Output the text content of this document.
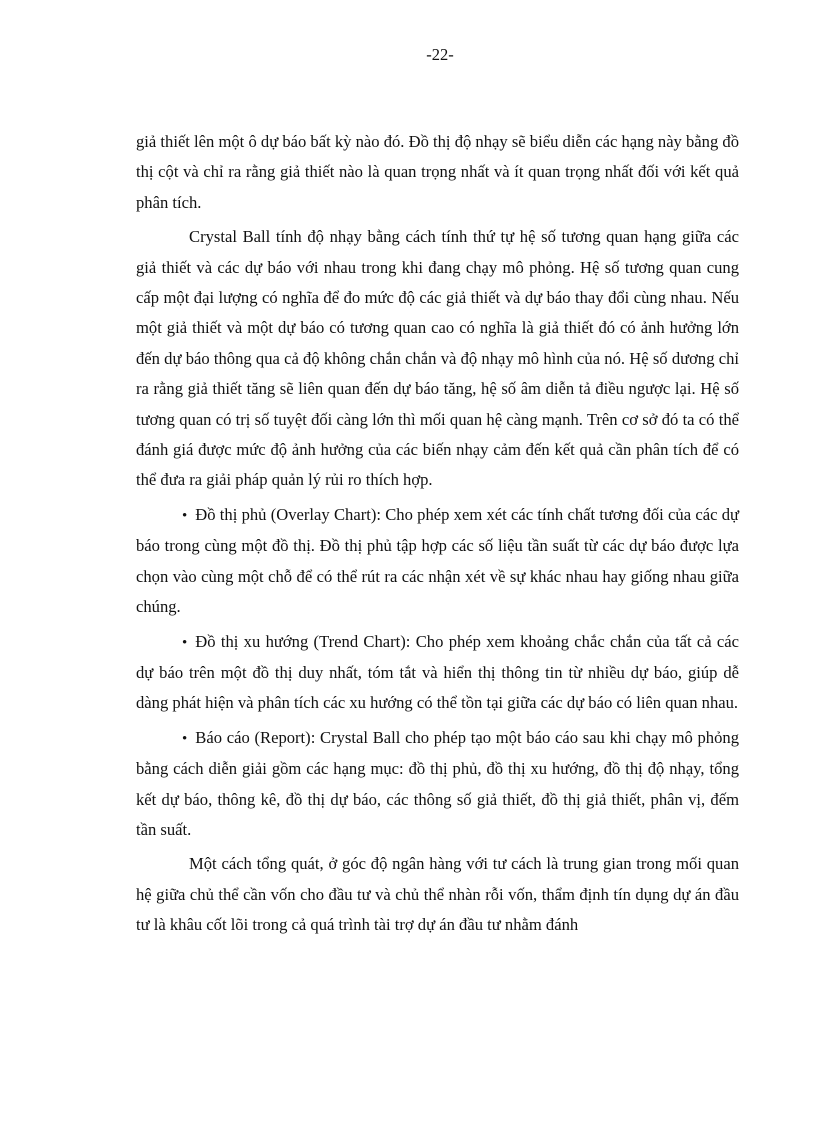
-22-

giả thiết lên một ô dự báo bất kỳ nào đó. Đồ thị độ nhạy sẽ biểu diễn các hạng này bằng đồ thị cột và chỉ ra rằng giả thiết nào là quan trọng nhất và ít quan trọng nhất đối với kết quả phân tích.

Crystal Ball tính độ nhạy bằng cách tính thứ tự hệ số tương quan hạng giữa các giả thiết và các dự báo với nhau trong khi đang chạy mô phỏng. Hệ số tương quan cung cấp một đại lượng có nghĩa để đo mức độ các giả thiết và dự báo thay đổi cùng nhau. Nếu một giả thiết và một dự báo có tương quan cao có nghĩa là giả thiết đó có ảnh hưởng lớn đến dự báo thông qua cả độ không chắn chắn và độ nhạy mô hình của nó. Hệ số dương chỉ ra rằng giả thiết tăng sẽ liên quan đến dự báo tăng, hệ số âm diễn tả điều ngược lại. Hệ số tương quan có trị số tuyệt đối càng lớn thì mối quan hệ càng mạnh. Trên cơ sở đó ta có thể đánh giá được mức độ ảnh hưởng của các biến nhạy cảm đến kết quả cần phân tích để có thể đưa ra giải pháp quản lý rủi ro thích hợp.

• Đồ thị phủ (Overlay Chart): Cho phép xem xét các tính chất tương đối của các dự báo trong cùng một đồ thị. Đồ thị phủ tập hợp các số liệu tần suất từ các dự báo được lựa chọn vào cùng một chỗ để có thể rút ra các nhận xét về sự khác nhau hay giống nhau giữa chúng.

• Đồ thị xu hướng (Trend Chart): Cho phép xem khoảng chắc chắn của tất cả các dự báo trên một đồ thị duy nhất, tóm tắt và hiển thị thông tin từ nhiều dự báo, giúp dễ dàng phát hiện và phân tích các xu hướng có thể tồn tại giữa các dự báo có liên quan nhau.

• Báo cáo (Report): Crystal Ball cho phép tạo một báo cáo sau khi chạy mô phỏng bằng cách diễn giải gồm các hạng mục: đồ thị phủ, đồ thị xu hướng, đồ thị độ nhạy, tổng kết dự báo, thông kê, đồ thị dự báo, các thông số giả thiết, đồ thị giả thiết, phân vị, đếm tần suất.

Một cách tổng quát, ở góc độ ngân hàng với tư cách là trung gian trong mối quan hệ giữa chủ thể cần vốn cho đầu tư và chủ thể nhàn rỗi vốn, thẩm định tín dụng dự án đầu tư là khâu cốt lõi trong cả quá trình tài trợ dự án đầu tư nhằm đánh
